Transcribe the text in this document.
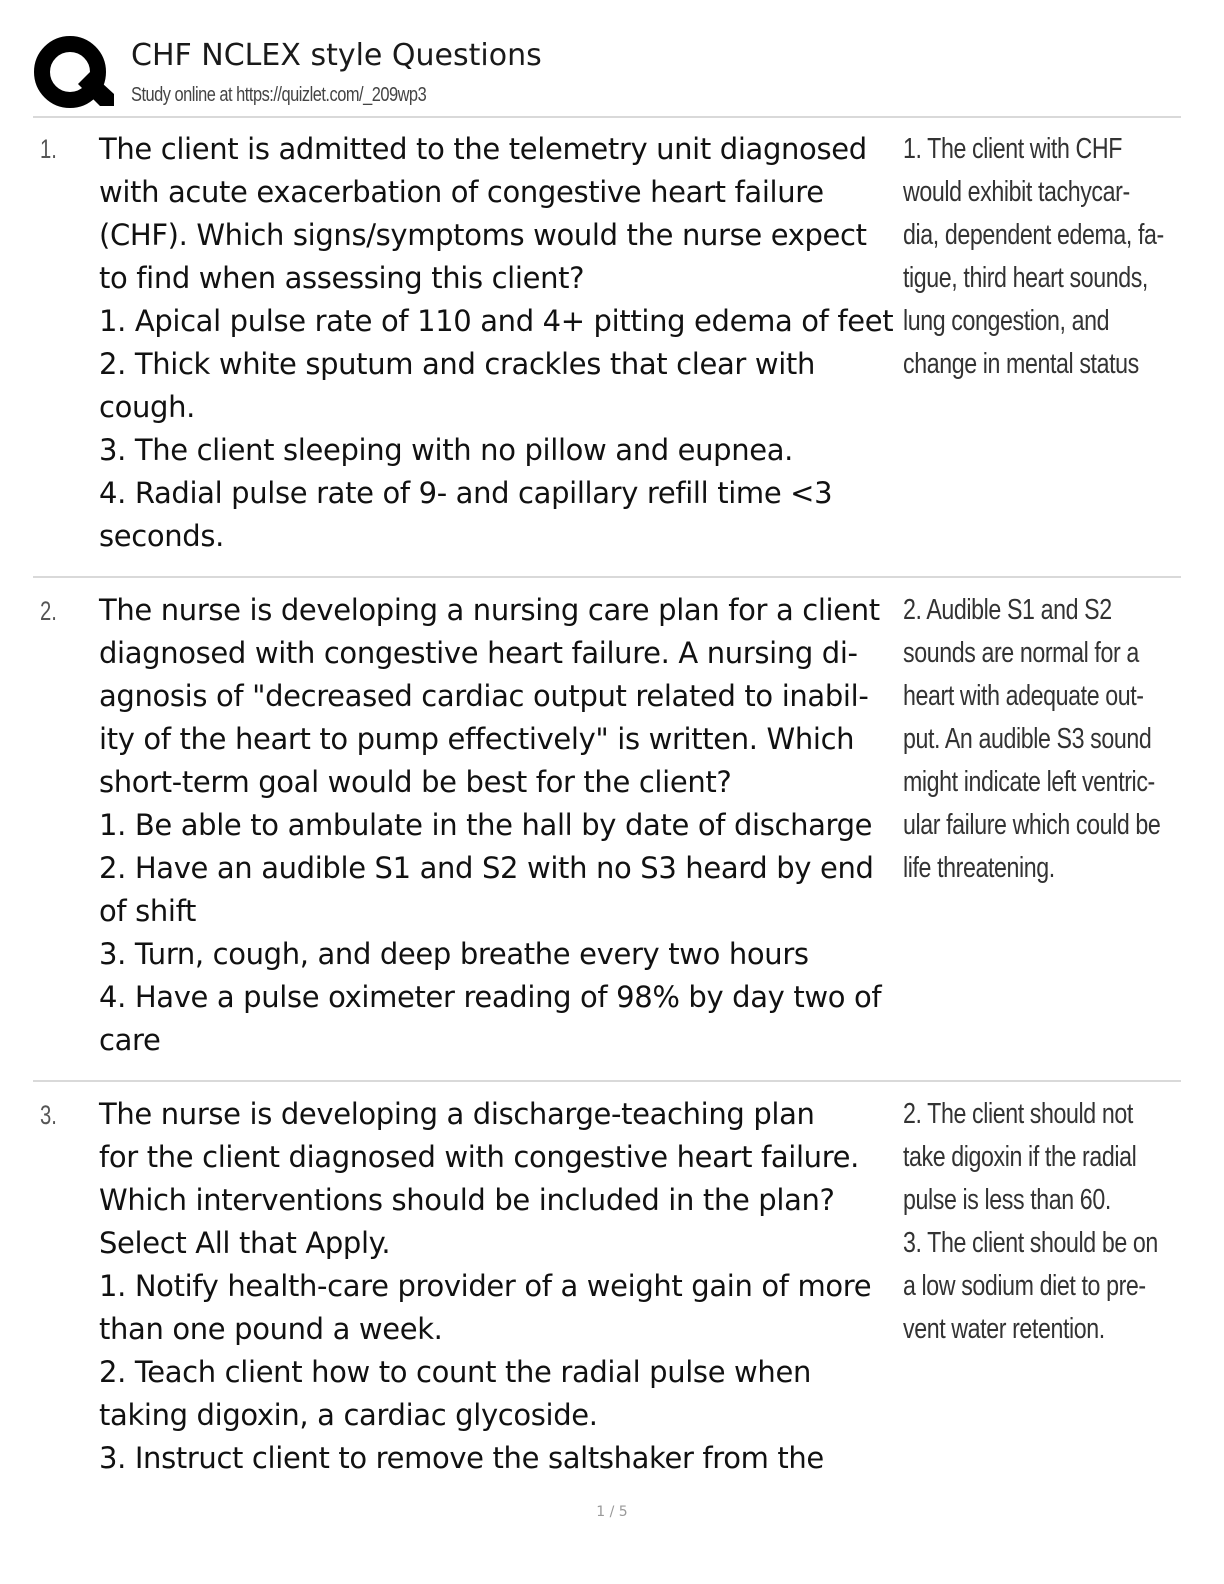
CHF NCLEX style Questions
Study online at https://quizlet.com/_209wp3
1. The client is admitted to the telemetry unit diagnosed
with acute exacerbation of congestive heart failure
(CHF). Which signs/symptoms would the nurse expect
to find when assessing this client?
1. Apical pulse rate of 110 and 4+ pitting edema of feet
2. Thick white sputum and crackles that clear with
cough.
3. The client sleeping with no pillow and eupnea.
4. Radial pulse rate of 9- and capillary refill time <3
seconds.
1. The client with CHF
would exhibit tachycar-
dia, dependent edema, fa-
tigue, third heart sounds,
lung congestion, and
change in mental status
2. The nurse is developing a nursing care plan for a client
diagnosed with congestive heart failure. A nursing di-
agnosis of "decreased cardiac output related to inabil-
ity of the heart to pump effectively" is written. Which
short-term goal would be best for the client?
1. Be able to ambulate in the hall by date of discharge
2. Have an audible S1 and S2 with no S3 heard by end
of shift
3. Turn, cough, and deep breathe every two hours
4. Have a pulse oximeter reading of 98% by day two of
care
2. Audible S1 and S2
sounds are normal for a
heart with adequate out-
put. An audible S3 sound
might indicate left ventric-
ular failure which could be
life threatening.
3. The nurse is developing a discharge-teaching plan
for the client diagnosed with congestive heart failure.
Which interventions should be included in the plan?
Select All that Apply.
1. Notify health-care provider of a weight gain of more
than one pound a week.
2. Teach client how to count the radial pulse when
taking digoxin, a cardiac glycoside.
3. Instruct client to remove the saltshaker from the
2. The client should not
take digoxin if the radial
pulse is less than 60.
3. The client should be on
a low sodium diet to pre-
vent water retention.
1 / 5
